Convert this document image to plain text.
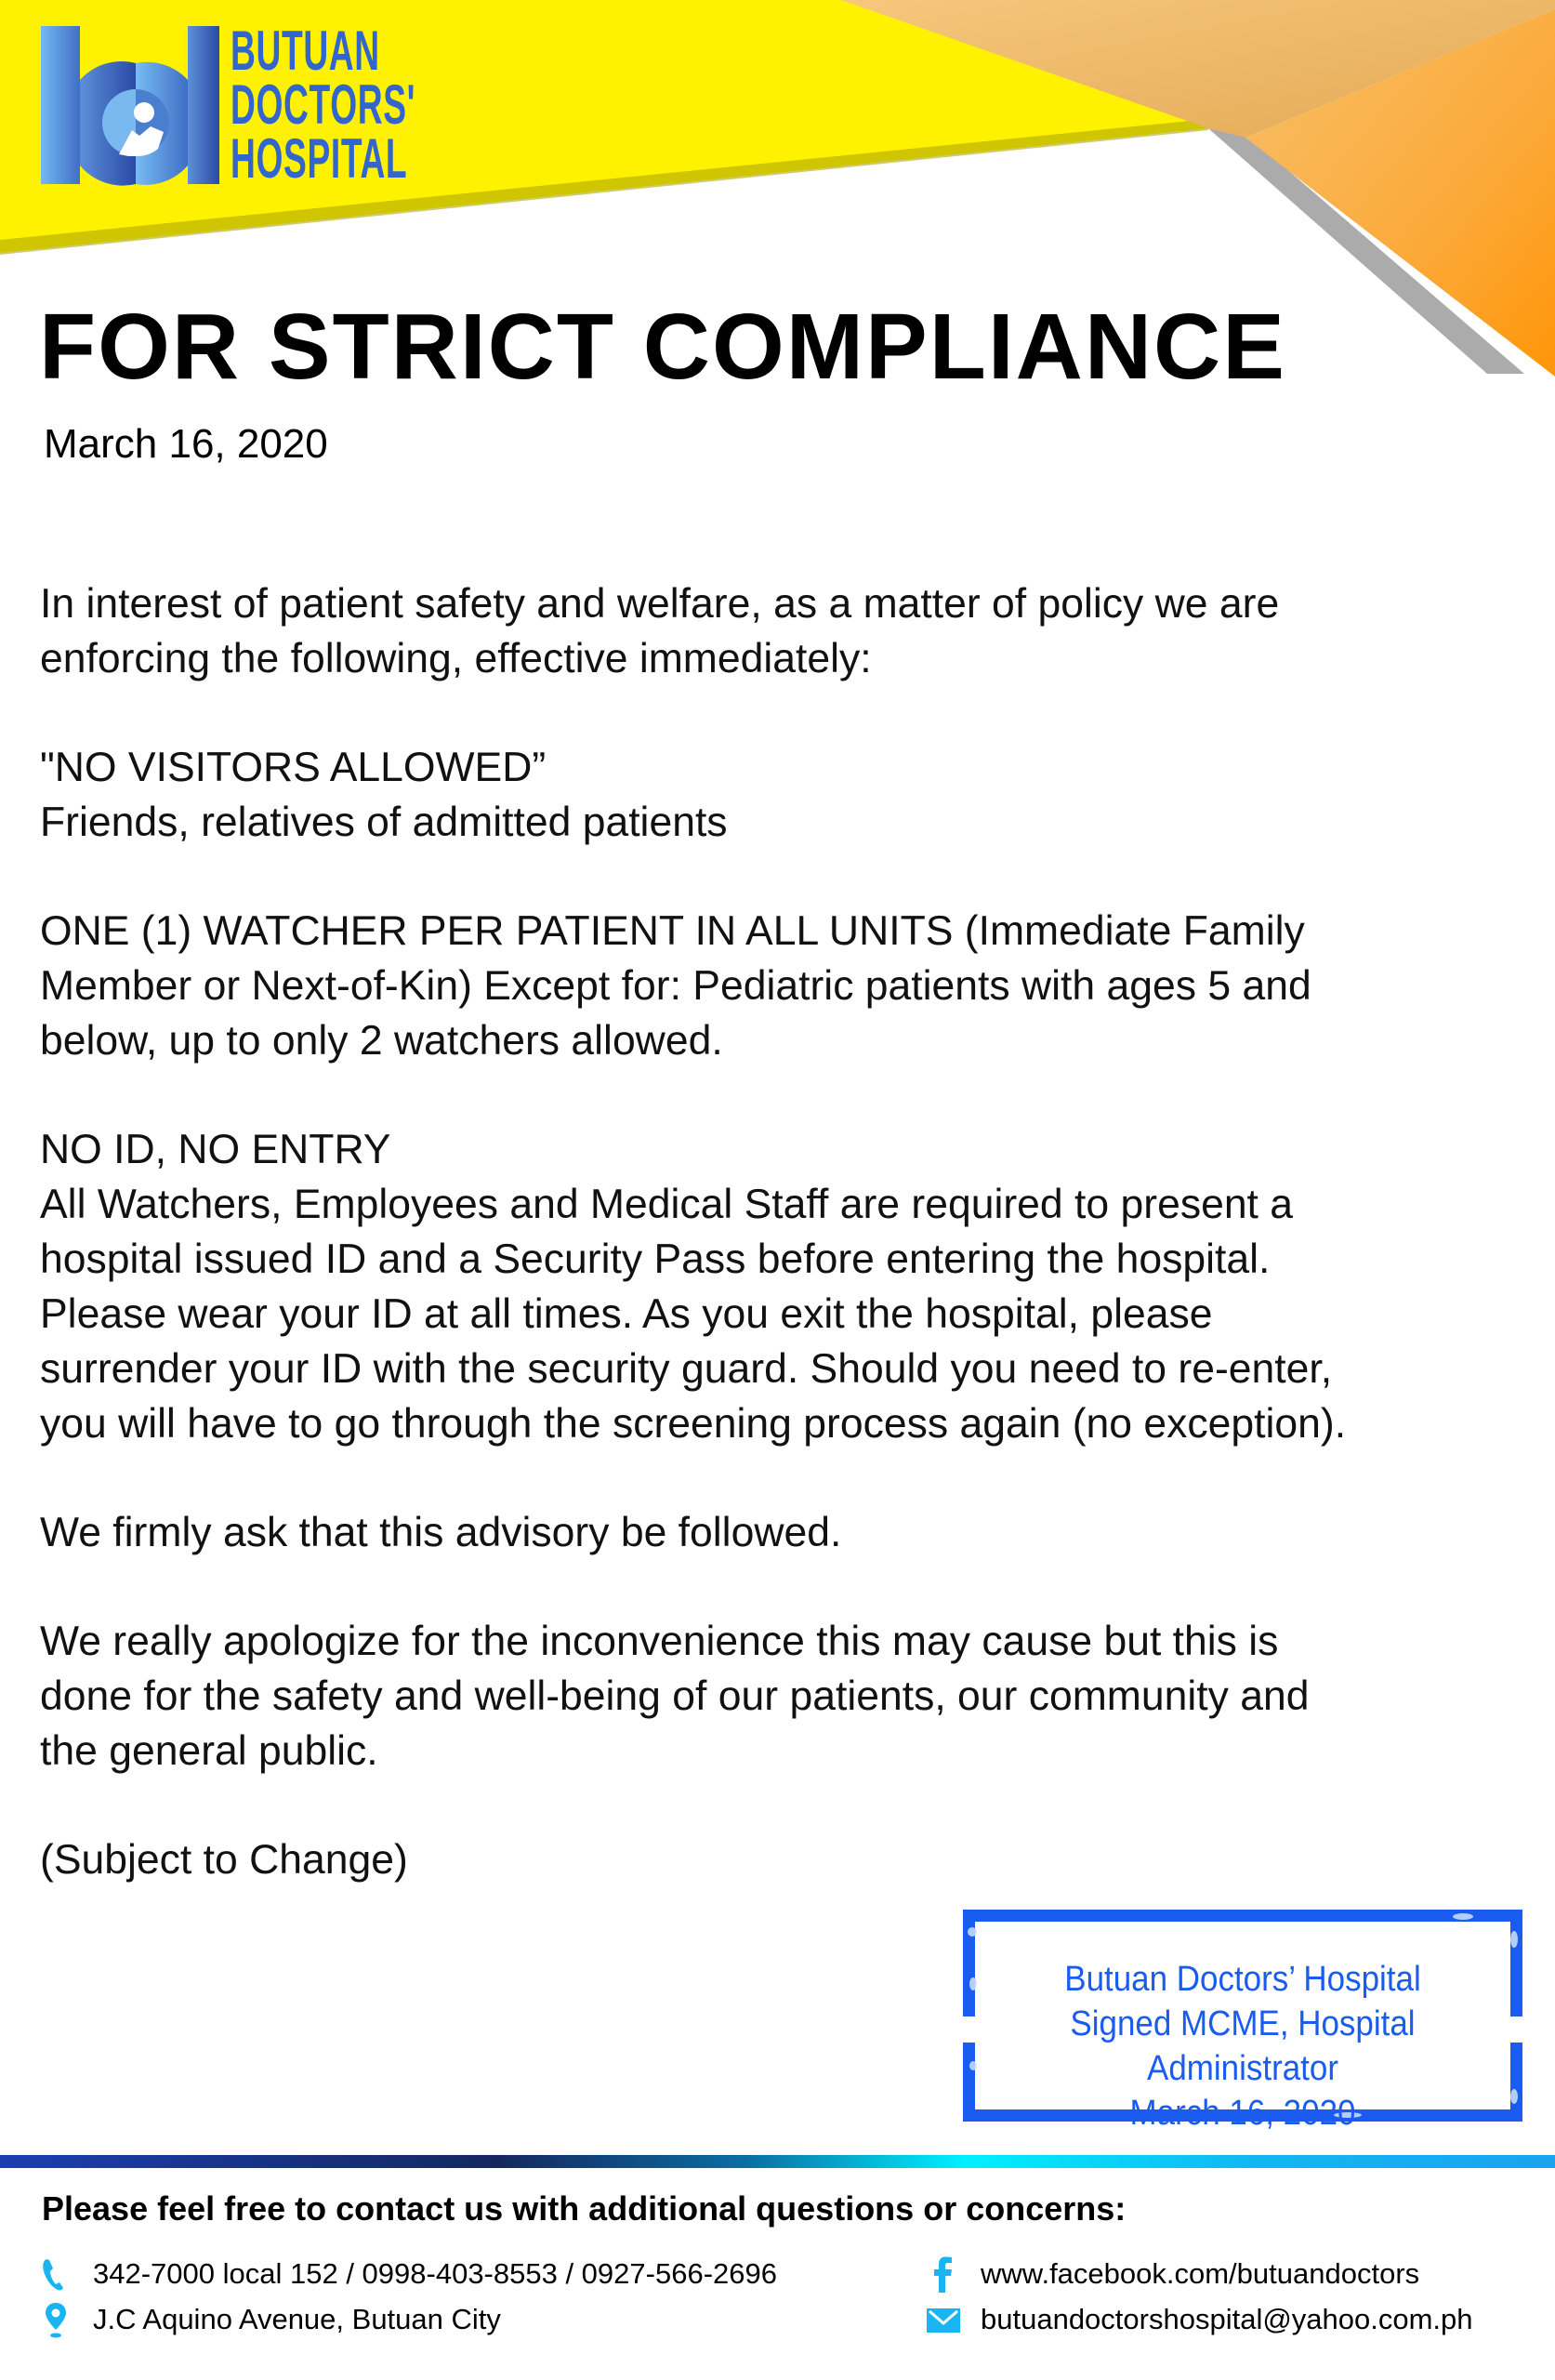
BUTUAN
DOCTORS'
HOSPITAL
FOR STRICT COMPLIANCE
March 16, 2020

In interest of patient safety and welfare, as a matter of policy we are

enforcing the following, effective immediately:

"NO VISITORS ALLOWED”

Friends, relatives of admitted patients

ONE (1) WATCHER PER PATIENT IN ALL UNITS (Immediate Family

Member or Next-of-Kin) Except for: Pediatric patients with ages 5 and

below, up to only 2 watchers allowed.

NO ID, NO ENTRY

All Watchers, Employees and Medical Staff are required to present a

hospital issued ID and a Security Pass before entering the hospital.

Please wear your ID at all times. As you exit the hospital, please

surrender your ID with the security guard. Should you need to re-enter,

you will have to go through the screening process again (no exception).

We firmly ask that this advisory be followed.

We really apologize for the inconvenience this may cause but this is

done for the safety and well-being of our patients, our community and

the general public.

(Subject to Change)

Butuan Doctors’ Hospital
Signed MCME, Hospital Administrator
March 16, 2020
Please feel free to contact us with additional questions or concerns:
342-7000 local 152 / 0998-403-8553 / 0927-566-2696
J.C Aquino Avenue, Butuan City
www.facebook.com/butuandoctors
butuandoctorshospital@yahoo.com.ph
